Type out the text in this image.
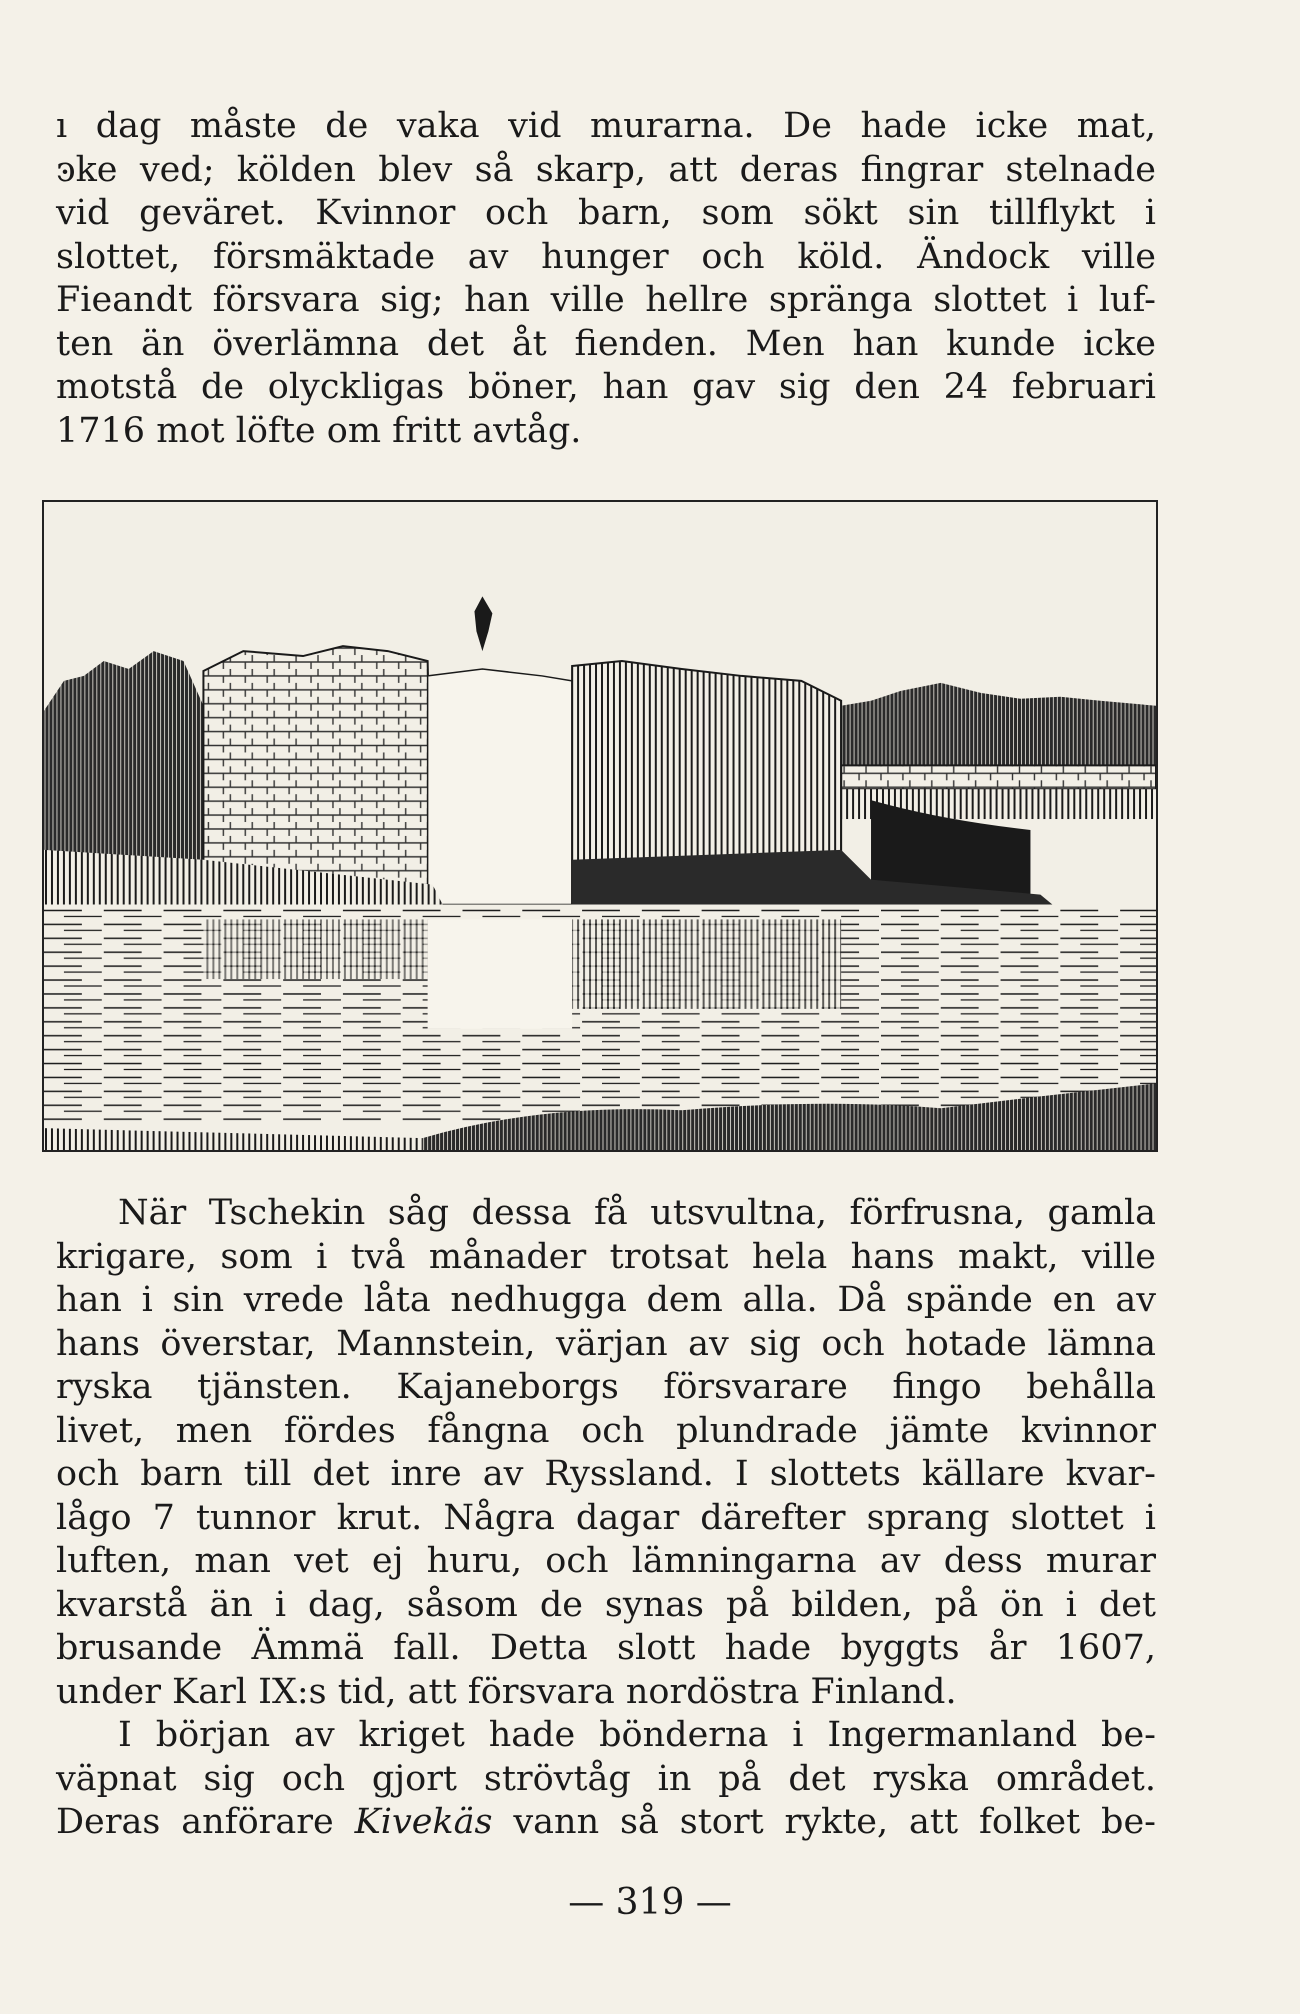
ı dag måste de vaka vid murarna. De hade icke mat,
ꜿke ved; kölden blev så skarp, att deras fingrar stelnade
vid geväret. Kvinnor och barn, som sökt sin tillflykt i
slottet, försmäktade av hunger och köld. Ändock ville
Fieandt försvara sig; han ville hellre spränga slottet i luf-
ten än överlämna det åt fienden. Men han kunde icke
motstå de olyckligas böner, han gav sig den 24 februari
1716 mot löfte om fritt avtåg.
När Tschekin såg dessa få utsvultna, förfrusna, gamla
krigare, som i två månader trotsat hela hans makt, ville
han i sin vrede låta nedhugga dem alla. Då spände en av
hans överstar, Mannstein, värjan av sig och hotade lämna
ryska tjänsten. Kajaneborgs försvarare fingo behålla
livet, men fördes fångna och plundrade jämte kvinnor
och barn till det inre av Ryssland. I slottets källare kvar-
lågo 7 tunnor krut. Några dagar därefter sprang slottet i
luften, man vet ej huru, och lämningarna av dess murar
kvarstå än i dag, såsom de synas på bilden, på ön i det
brusande Ämmä fall. Detta slott hade byggts år 1607,
under Karl IX:s tid, att försvara nordöstra Finland.
I början av kriget hade bönderna i Ingermanland be-
väpnat sig och gjort strövtåg in på det ryska området.
Deras anförare Kivekäs vann så stort rykte, att folket be-
— 319 —
